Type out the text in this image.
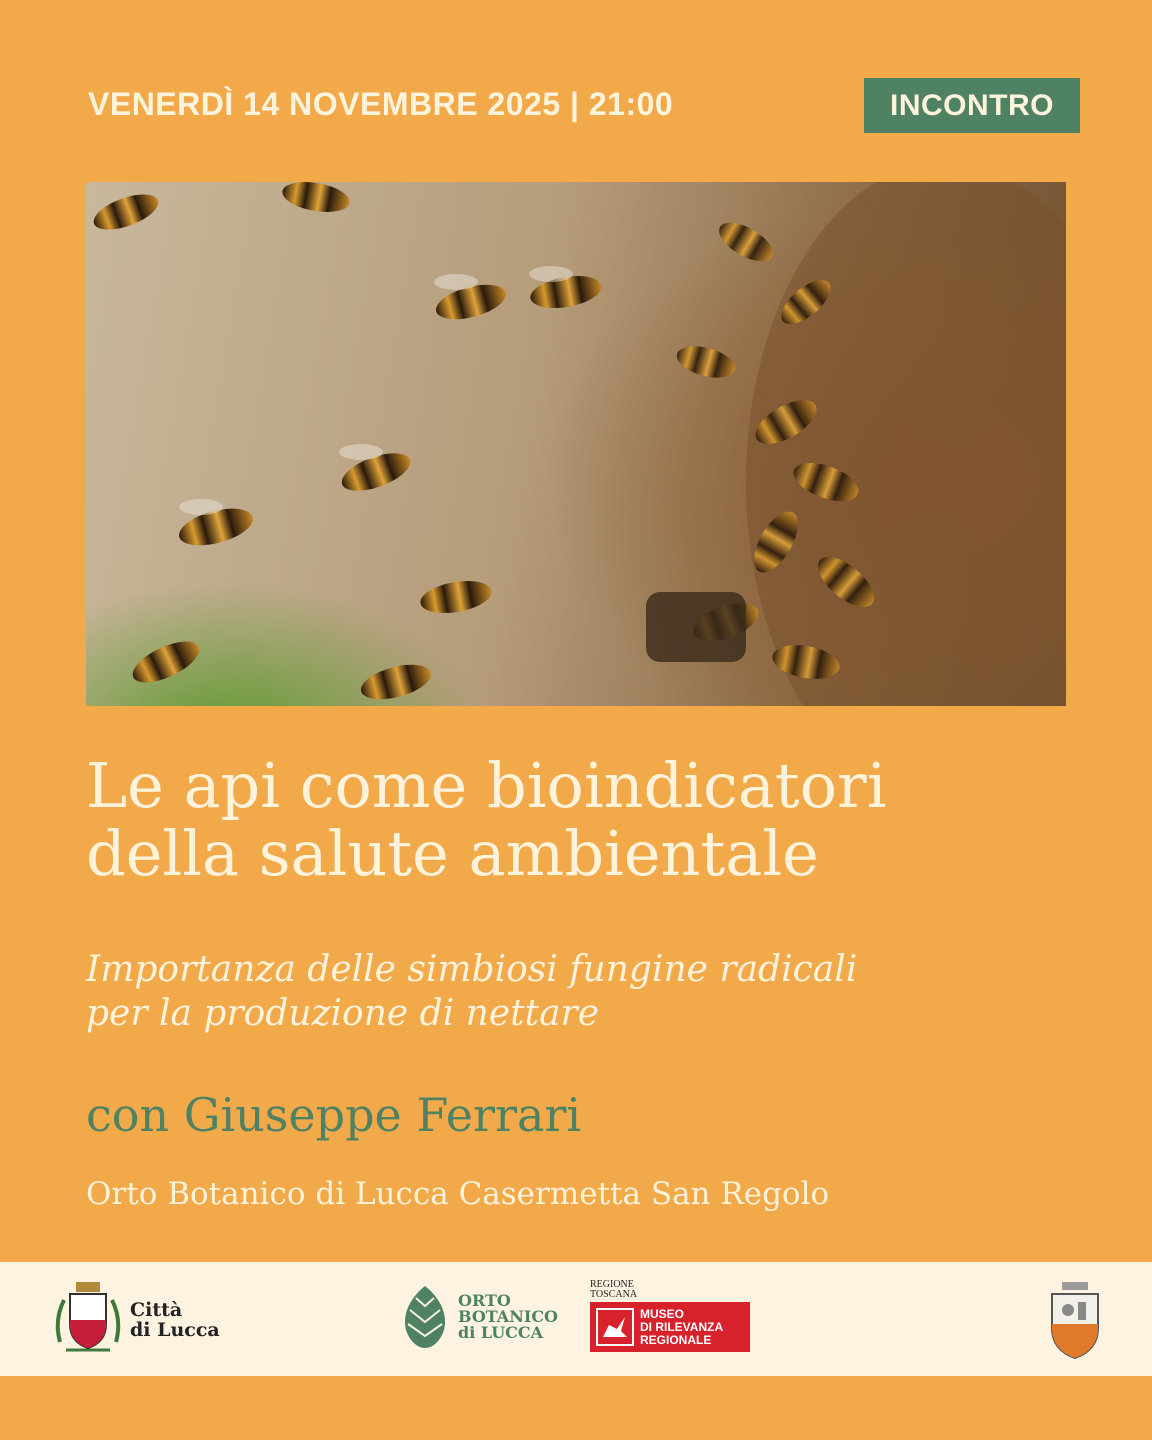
VENERDÌ 14 NOVEMBRE 2025 | 21:00	INCONTRO
Le api come bioindicatori
della salute ambientale
Importanza delle simbiosi fungine radicali
per la produzione di nettare
con Giuseppe Ferrari
Orto Botanico di Lucca Casermetta San Regolo
Città
di Lucca
ORTO
BOTANICO
di LUCCA
REGIONE
TOSCANA
MUSEO
DI RILEVANZA
REGIONALE
